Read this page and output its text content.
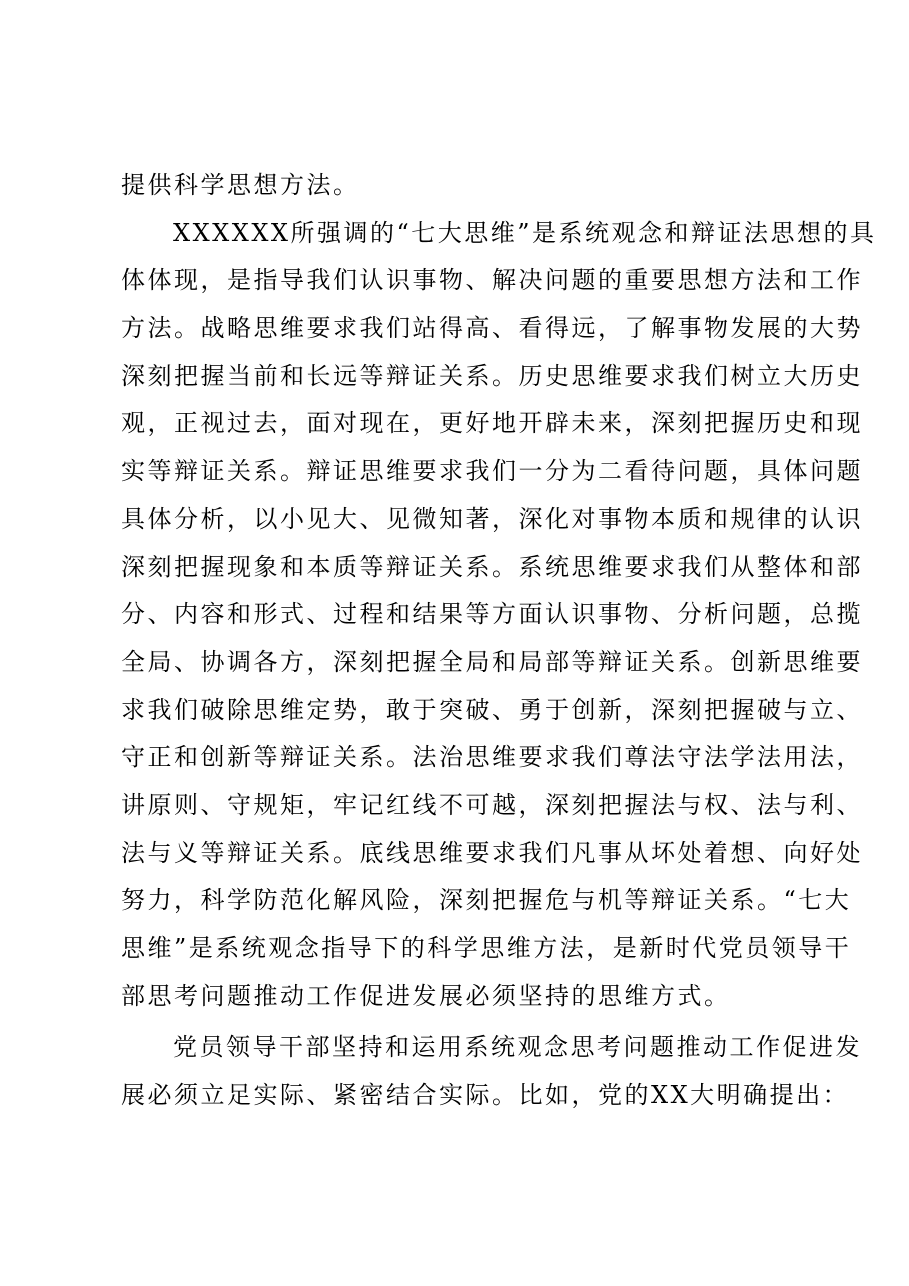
提供科学思想方法。
XXXXXX所强调的“七大思维”是系统观念和辩证法思想的具
体体现，是指导我们认识事物、解决问题的重要思想方法和工作
方法。战略思维要求我们站得高、看得远，了解事物发展的大势
深刻把握当前和长远等辩证关系。历史思维要求我们树立大历史
观，正视过去，面对现在，更好地开辟未来，深刻把握历史和现
实等辩证关系。辩证思维要求我们一分为二看待问题，具体问题
具体分析，以小见大、见微知著，深化对事物本质和规律的认识
深刻把握现象和本质等辩证关系。系统思维要求我们从整体和部
分、内容和形式、过程和结果等方面认识事物、分析问题，总揽
全局、协调各方，深刻把握全局和局部等辩证关系。创新思维要
求我们破除思维定势，敢于突破、勇于创新，深刻把握破与立、
守正和创新等辩证关系。法治思维要求我们尊法守法学法用法，
讲原则、守规矩，牢记红线不可越，深刻把握法与权、法与利、
法与义等辩证关系。底线思维要求我们凡事从坏处着想、向好处
努力，科学防范化解风险，深刻把握危与机等辩证关系。“七大
思维”是系统观念指导下的科学思维方法，是新时代党员领导干
部思考问题推动工作促进发展必须坚持的思维方式。
党员领导干部坚持和运用系统观念思考问题推动工作促进发
展必须立足实际、紧密结合实际。比如，党的XX大明确提出：
